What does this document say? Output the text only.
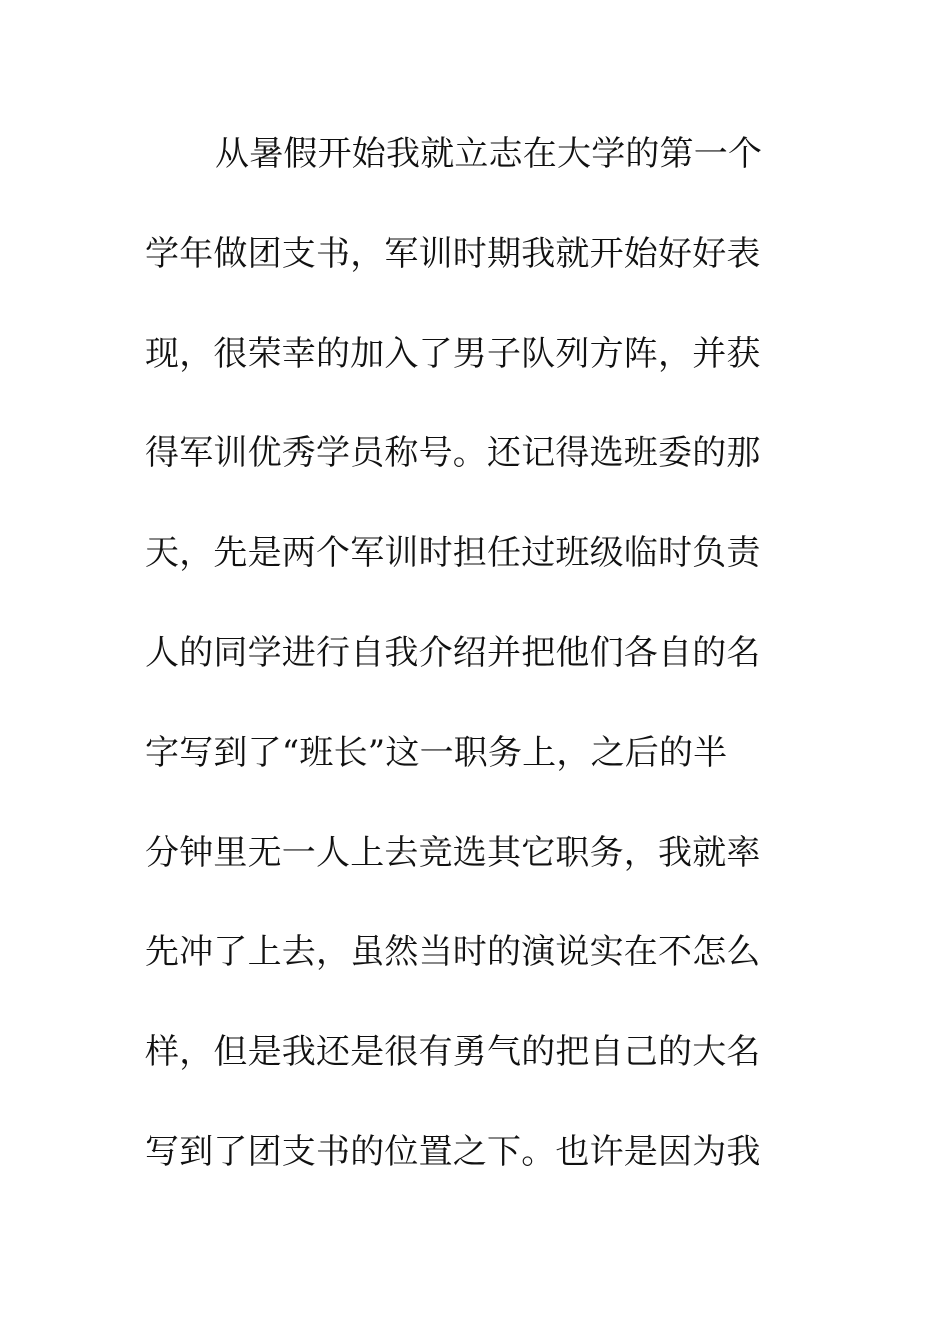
从暑假开始我就立志在大学的第一个
学年做团支书，军训时期我就开始好好表
现，很荣幸的加入了男子队列方阵，并获
得军训优秀学员称号。还记得选班委的那
天，先是两个军训时担任过班级临时负责
人的同学进行自我介绍并把他们各自的名
字写到了“班长”这一职务上，之后的半
分钟里无一人上去竞选其它职务，我就率
先冲了上去，虽然当时的演说实在不怎么
样，但是我还是很有勇气的把自己的大名
写到了团支书的位置之下。也许是因为我
